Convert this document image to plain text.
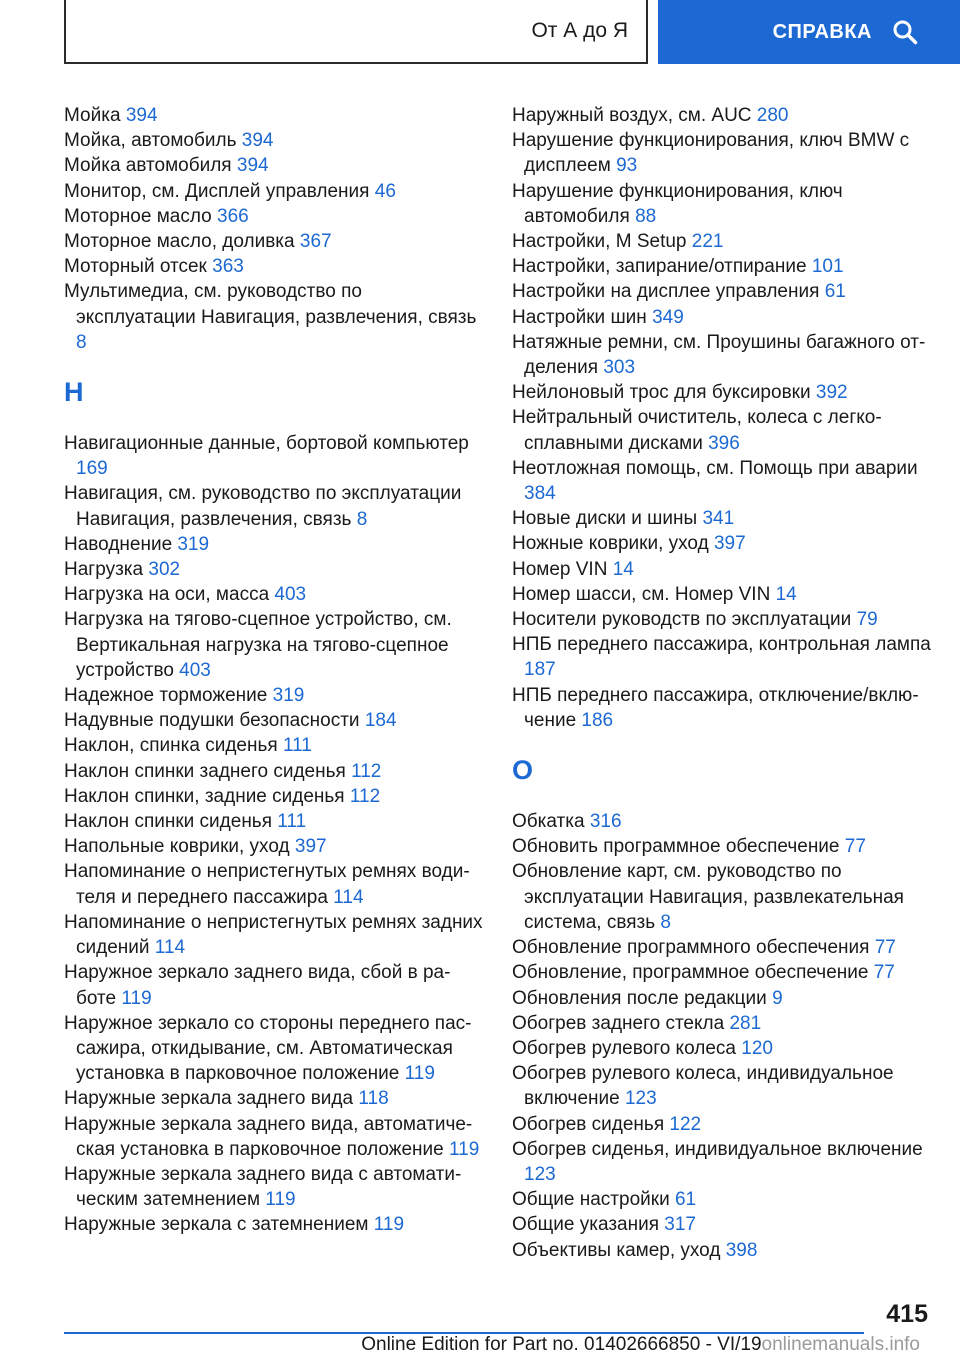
От А до Я	СПРАВКА

Мойка 394

Мойка, автомобиль 394

Мойка автомобиля 394

Монитор, см. Дисплей управления 46

Моторное масло 366

Моторное масло, доливка 367

Моторный отсек 363

Мультимедиа, см. руководство по эксплуатации Навигация, развлечения, связь 8

Н

Навигационные данные, бортовой компьютер 169

Навигация, см. руководство по эксплуатации Навигация, развлечения, связь 8

Наводнение 319

Нагрузка 302

Нагрузка на оси, масса 403

Нагрузка на тягово-сцепное устройство, см. Вертикальная нагрузка на тягово-сцепное устройство 403

Надежное торможение 319

Надувные подушки безопасности 184

Наклон, спинка сиденья 111

Наклон спинки заднего сиденья 112

Наклон спинки, задние сиденья 112

Наклон спинки сиденья 111

Напольные коврики, уход 397

Напоминание о непристегнутых ремнях водителя и переднего пассажира 114

Напоминание о непристегнутых ремнях задних сидений 114

Наружное зеркало заднего вида, сбой в работе 119

Наружное зеркало со стороны переднего пассажира, откидывание, см. Автоматическая установка в парковочное положение 119

Наружные зеркала заднего вида 118

Наружные зеркала заднего вида, автоматическая установка в парковочное положение 119

Наружные зеркала заднего вида с автоматическим затемнением 119

Наружные зеркала с затемнением 119

Наружный воздух, см. AUC 280

Нарушение функционирования, ключ BMW с дисплеем 93

Нарушение функционирования, ключ автомобиля 88

Настройки, M Setup 221

Настройки, запирание/отпирание 101

Настройки на дисплее управления 61

Настройки шин 349

Натяжные ремни, см. Проушины багажного отделения 303

Нейлоновый трос для буксировки 392

Нейтральный очиститель, колеса с легкосплавными дисками 396

Неотложная помощь, см. Помощь при аварии 384

Новые диски и шины 341

Ножные коврики, уход 397

Номер VIN 14

Номер шасси, см. Номер VIN 14

Носители руководств по эксплуатации 79

НПБ переднего пассажира, контрольная лампа 187

НПБ переднего пассажира, отключение/включение 186

О

Обкатка 316

Обновить программное обеспечение 77

Обновление карт, см. руководство по эксплуатации Навигация, развлекательная система, связь 8

Обновление программного обеспечения 77

Обновление, программное обеспечение 77

Обновления после редакции 9

Обогрев заднего стекла 281

Обогрев рулевого колеса 120

Обогрев рулевого колеса, индивидуальное включение 123

Обогрев сиденья 122

Обогрев сиденья, индивидуальное включение 123

Общие настройки 61

Общие указания 317

Объективы камер, уход 398

415
Online Edition for Part no. 01402666850 - VI/19onlinemanuals.info
